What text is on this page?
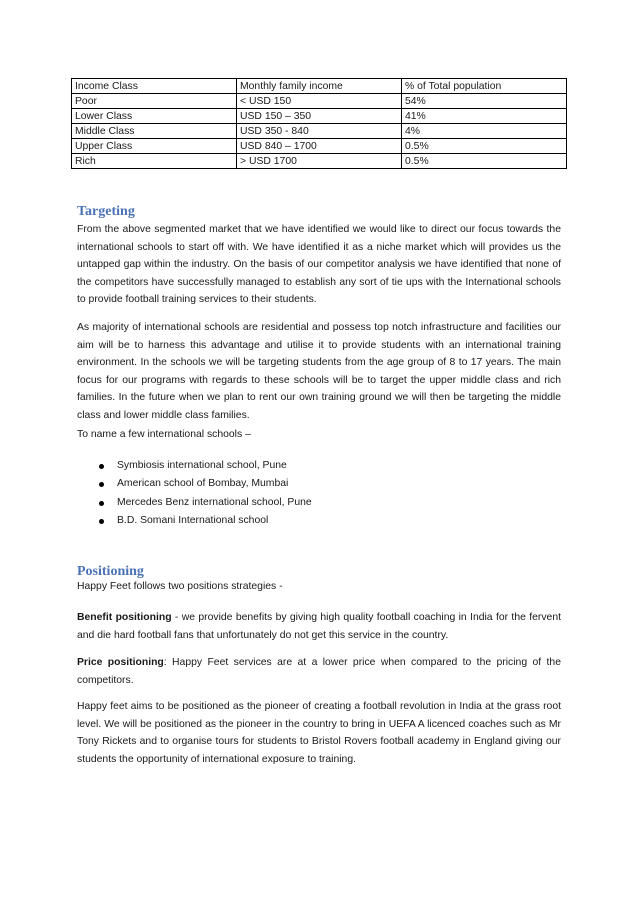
Income Class	Monthly family income	% of Total population
Poor	< USD 150	54%
Lower Class	USD 150 – 350	41%
Middle Class	USD 350 - 840	4%
Upper Class	USD 840 – 1700	0.5%
Rich	> USD 1700	0.5%
Targeting

From the above segmented market that we have identified we would like to direct our focus towards the international schools to start off with. We have identified it as a niche market which will provides us the untapped gap within the industry. On the basis of our competitor analysis we have identified that none of the competitors have successfully managed to establish any sort of tie ups with the International schools to provide football training services to their students.

As majority of international schools are residential and possess top notch infrastructure and facilities our aim will be to harness this advantage and utilise it to provide students with an international training environment. In the schools we will be targeting students from the age group of 8 to 17 years. The main focus for our programs with regards to these schools will be to target the upper middle class and rich families. In the future when we plan to rent our own training ground we will then be targeting the middle class and lower middle class families.

To name a few international schools –

Symbiosis international school, Pune
American school of Bombay, Mumbai
Mercedes Benz international school, Pune
B.D. Somani International school
Positioning

Happy Feet follows two positions strategies -

Benefit positioning - we provide benefits by giving high quality football coaching in India for the fervent and die hard football fans that unfortunately do not get this service in the country.

Price positioning: Happy Feet services are at a lower price when compared to the pricing of the competitors.

Happy feet aims to be positioned as the pioneer of creating a football revolution in India at the grass root level. We will be positioned as the pioneer in the country to bring in UEFA A licenced coaches such as Mr Tony Rickets and to organise tours for students to Bristol Rovers football academy in England giving our students the opportunity of international exposure to training.
